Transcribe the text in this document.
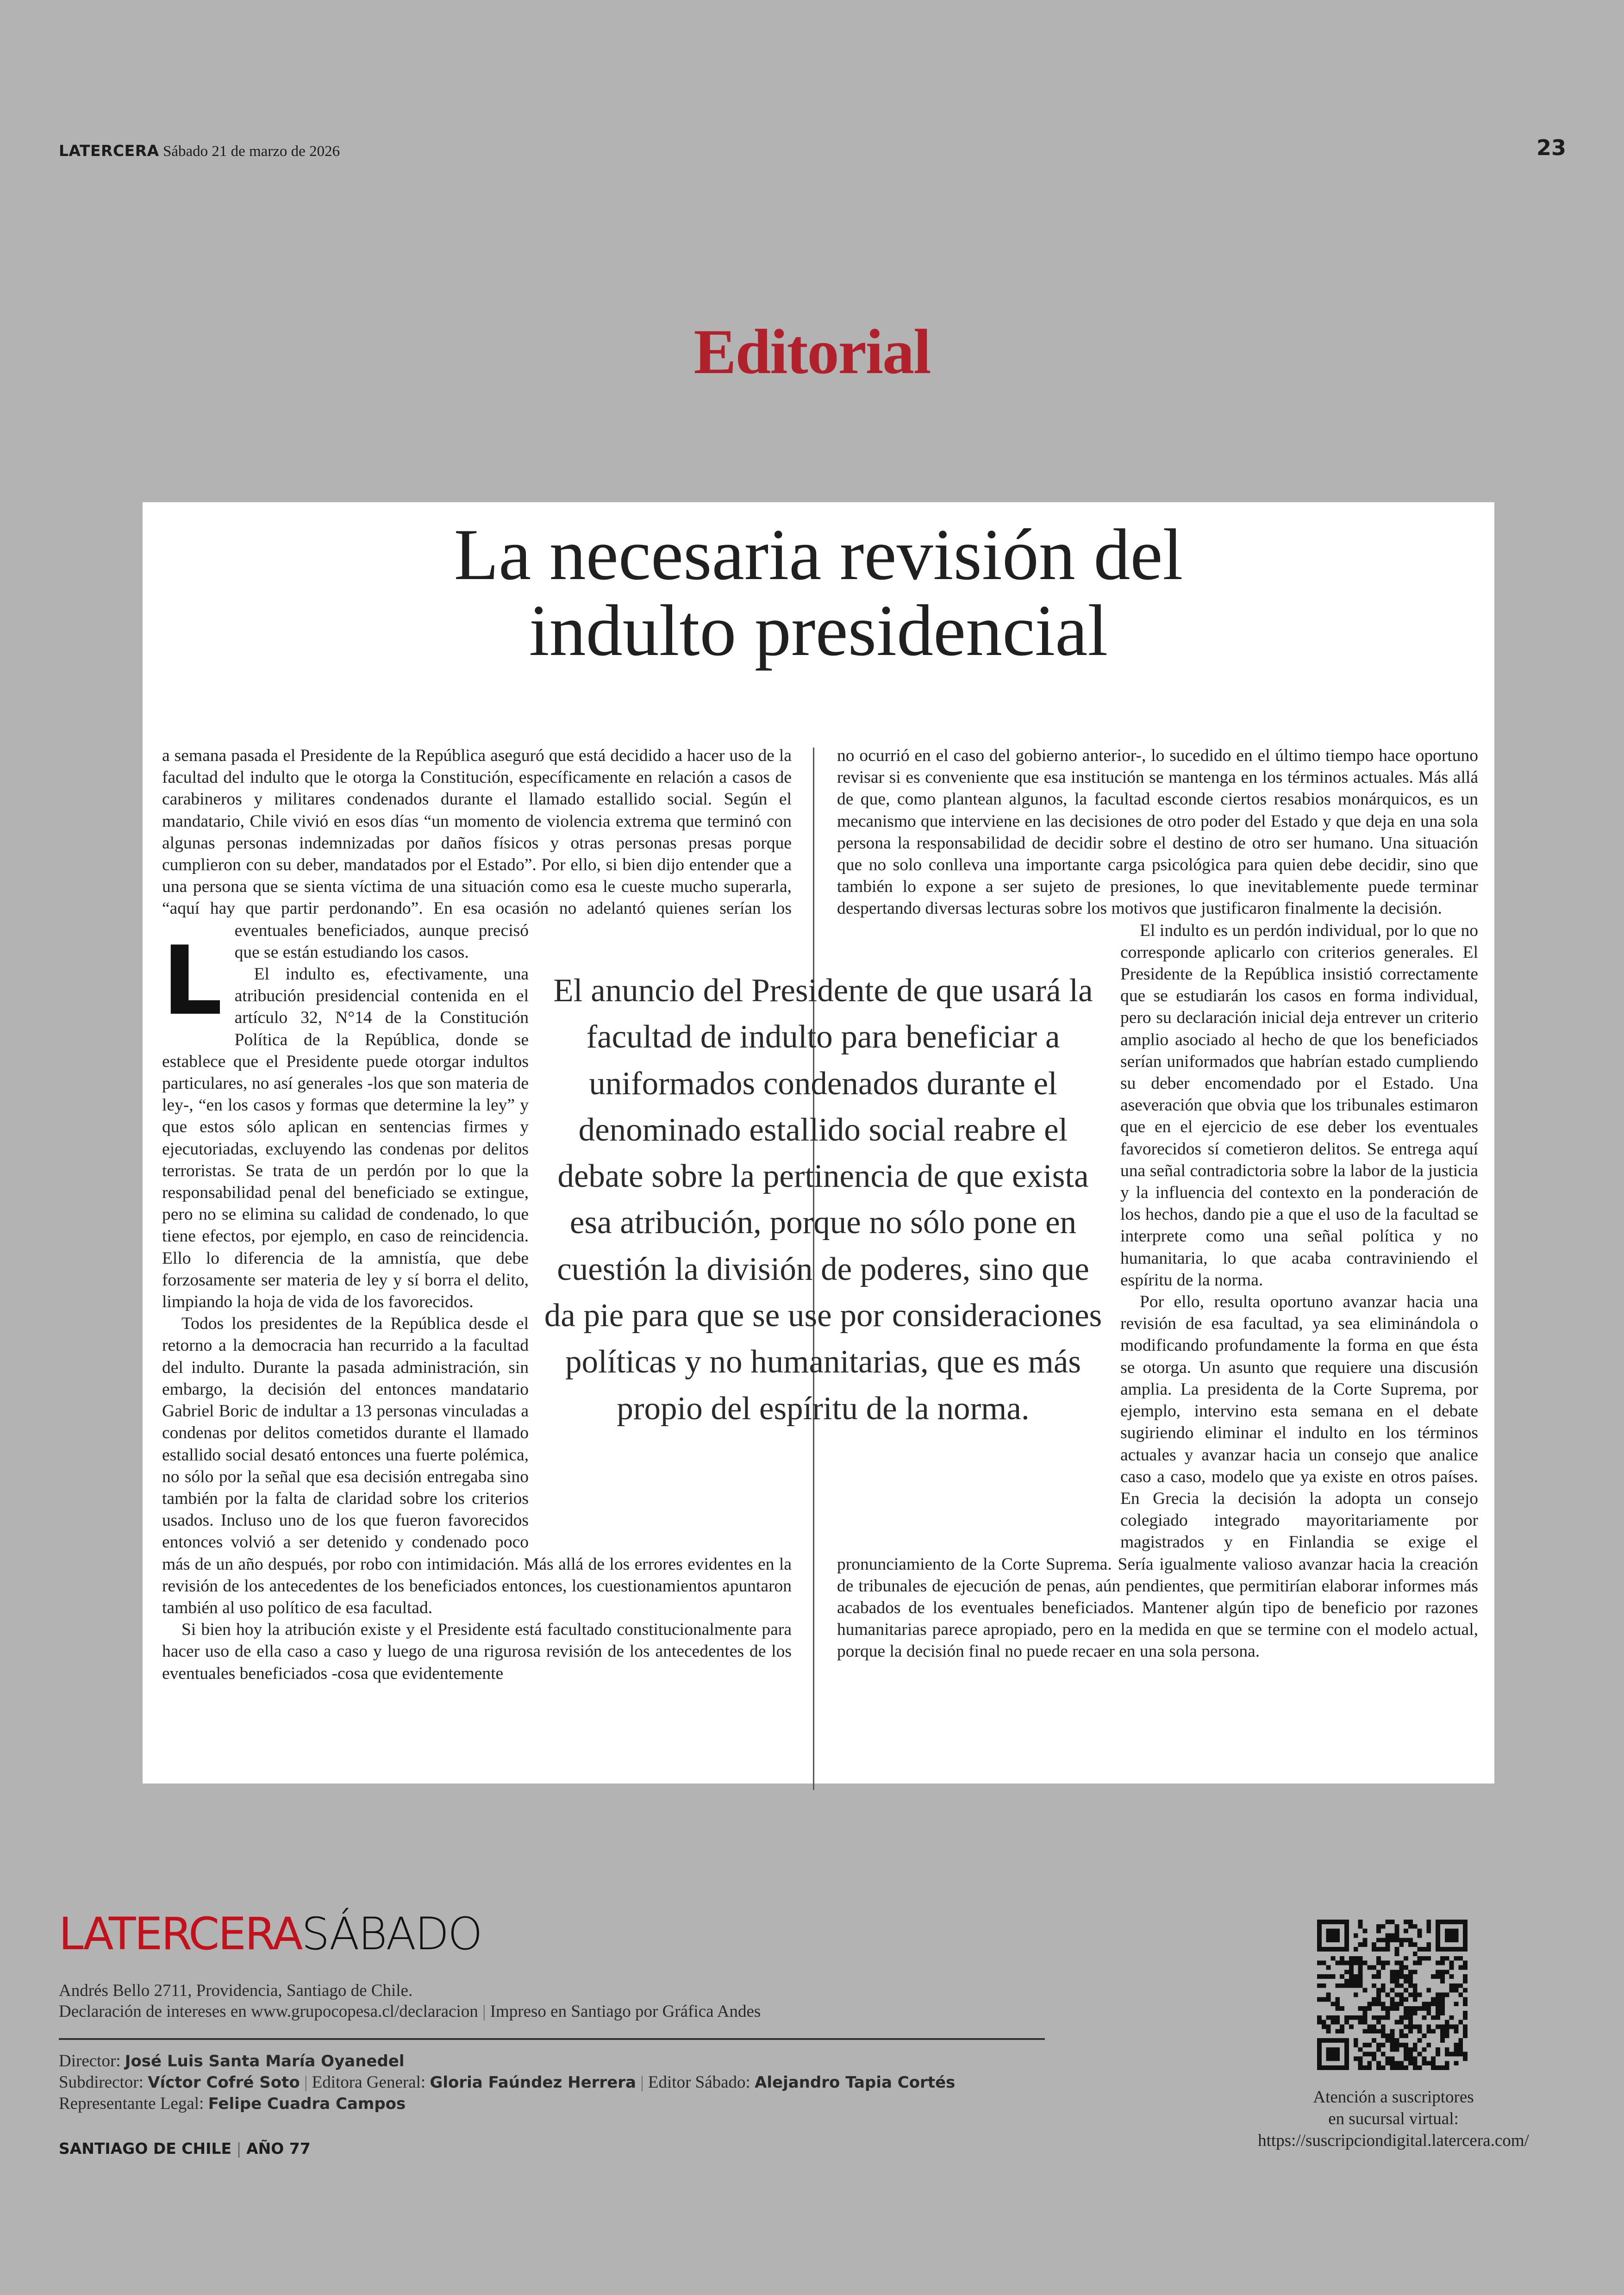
LATERCERA Sábado 21 de marzo de 2026	23
Editorial
La necesaria revisión del
indulto presidencial
L

a semana pasada el Presidente de la República aseguró que está decidido a hacer uso de la facultad del indulto que le otorga la Constitución, específicamente en relación a casos de carabineros y militares condenados durante el llamado estallido social. Según el mandatario, Chile vivió en esos días “un momento de violencia extrema que terminó con algunas personas indemnizadas por daños físicos y otras personas presas porque cumplieron con su deber, mandatados por el Estado”. Por ello, si bien dijo entender que a una persona que se sienta víctima de una situación como esa le cueste mucho superarla, “aquí hay que partir perdonando”. En esa ocasión no adelantó quienes serían los eventuales beneficiados, aunque precisó que se están estudiando los casos.

El indulto es, efectivamente, una atribución presidencial contenida en el artículo 32, N°14 de la Constitución Política de la República, donde se establece que el Presidente puede otorgar indultos particulares, no así generales -los que son materia de ley-, “en los casos y formas que determine la ley” y que estos sólo aplican en sentencias firmes y ejecutoriadas, excluyendo las condenas por delitos terroristas. Se trata de un perdón por lo que la responsabilidad penal del beneficiado se extingue, pero no se elimina su calidad de condenado, lo que tiene efectos, por ejemplo, en caso de reincidencia. Ello lo diferencia de la amnistía, que debe forzosamente ser materia de ley y sí borra el delito, limpiando la hoja de vida de los favorecidos.

Todos los presidentes de la República desde el retorno a la democracia han recurrido a la facultad del indulto. Durante la pasada administración, sin embargo, la decisión del entonces mandatario Gabriel Boric de indultar a 13 personas vinculadas a condenas por delitos cometidos durante el llamado estallido social desató entonces una fuerte polémica, no sólo por la señal que esa decisión entregaba sino también por la falta de claridad sobre los criterios usados. Incluso uno de los que fueron favorecidos entonces volvió a ser detenido y condenado poco más de un año después, por robo con intimidación. Más allá de los errores evidentes en la revisión de los antecedentes de los beneficiados entonces, los cuestionamientos apuntaron también al uso político de esa facultad.

Si bien hoy la atribución existe y el Presidente está facultado constitucionalmente para hacer uso de ella caso a caso y luego de una rigurosa revisión de los antecedentes de los eventuales beneficiados -cosa que evidentemente

no ocurrió en el caso del gobierno anterior-, lo sucedido en el último tiempo hace oportuno revisar si es conveniente que esa institución se mantenga en los términos actuales. Más allá de que, como plantean algunos, la facultad esconde ciertos resabios monárquicos, es un mecanismo que interviene en las decisiones de otro poder del Estado y que deja en una sola persona la responsabilidad de decidir sobre el destino de otro ser humano. Una situación que no solo conlleva una importante carga psicológica para quien debe decidir, sino que también lo expone a ser sujeto de presiones, lo que inevitablemente puede terminar despertando diversas lecturas sobre los motivos que justificaron finalmente la decisión.

El indulto es un perdón individual, por lo que no corresponde aplicarlo con criterios generales. El Presidente de la República insistió correctamente que se estudiarán los casos en forma individual, pero su declaración inicial deja entrever un criterio amplio asociado al hecho de que los beneficiados serían uniformados que habrían estado cumpliendo su deber encomendado por el Estado. Una aseveración que obvia que los tribunales estimaron que en el ejercicio de ese deber los eventuales favorecidos sí cometieron delitos. Se entrega aquí una señal contradictoria sobre la labor de la justicia y la influencia del contexto en la ponderación de los hechos, dando pie a que el uso de la facultad se interprete como una señal política y no humanitaria, lo que acaba contraviniendo el espíritu de la norma.

Por ello, resulta oportuno avanzar hacia una revisión de esa facultad, ya sea eliminándola o modificando profundamente la forma en que ésta se otorga. Un asunto que requiere una discusión amplia. La presidenta de la Corte Suprema, por ejemplo, intervino esta semana en el debate sugiriendo eliminar el indulto en los términos actuales y avanzar hacia un consejo que analice caso a caso, modelo que ya existe en otros países. En Grecia la decisión la adopta un consejo colegiado integrado mayoritariamente por magistrados y en Finlandia se exige el pronunciamiento de la Corte Suprema. Sería igualmente valioso avanzar hacia la creación de tribunales de ejecución de penas, aún pendientes, que permitirían elaborar informes más acabados de los eventuales beneficiados. Mantener algún tipo de beneficio por razones humanitarias parece apropiado, pero en la medida en que se termine con el modelo actual, porque la decisión final no puede recaer en una sola persona.

El anuncio del Presidente de que usará la facultad de indulto para beneficiar a uniformados condenados durante el denominado estallido social reabre el debate sobre la pertinencia de que exista esa atribución, porque no sólo pone en cuestión la división de poderes, sino que da pie para que se use por consideraciones políticas y no humanitarias, que es más propio del espíritu de la norma.
LATERCERASÁBADO
Andrés Bello 2711, Providencia, Santiago de Chile.
Declaración de intereses en www.grupocopesa.cl/declaracion | Impreso en Santiago por Gráfica Andes
Director: José Luis Santa María Oyanedel
Subdirector: Víctor Cofré Soto | Editora General: Gloria Faúndez Herrera | Editor Sábado: Alejandro Tapia Cortés
Representante Legal: Felipe Cuadra Campos
SANTIAGO DE CHILE | AÑO 77
Atención a suscriptores
en sucursal virtual:
https://suscripciondigital.latercera.com/
